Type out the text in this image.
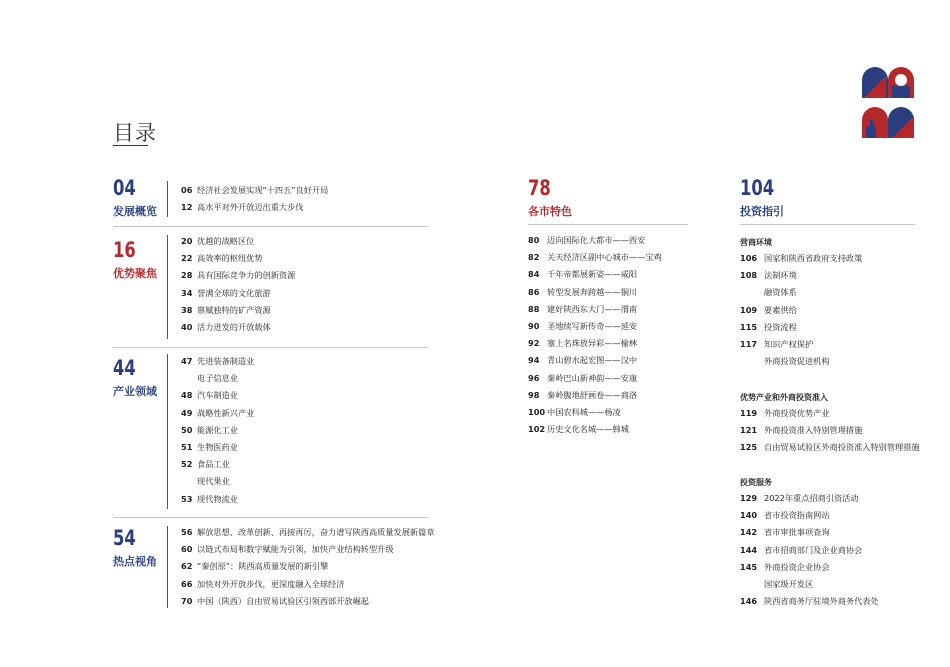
目录
04
发展概览
06 经济社会发展实现“十四五”良好开局
12 高水平对外开放迈出重大步伐
16
优势聚焦
20 优越的战略区位
22 高效率的枢纽优势
28 具有国际竞争力的创新资源
34 誉满全球的文化旅游
38 禀赋独特的矿产资源
40 活力迸发的开放载体
44
产业领域
47 先进装备制造业
电子信息业
48 汽车制造业
49 战略性新兴产业
50 能源化工业
51 生物医药业
52 食品工业
现代果业
53 现代物流业
54
热点视角
56 解放思想、改革创新、再接再厉，奋力谱写陕西高质量发展新篇章
60 以链式布局和数字赋能为引领，加快产业结构转型升级
62 “秦创原”：陕西高质量发展的新引擎
66 加快对外开放步伐，更深度融入全球经济
70 中国（陕西）自由贸易试验区引领西部开放崛起
78
各市特色
80 迈向国际化大都市——西安
82 关天经济区副中心城市——宝鸡
84 千年帝都展新姿——咸阳
86 转型发展奔跨越——铜川
88 建好陕西东大门——渭南
90 圣地续写新传奇——延安
92 塞上名珠放异彩——榆林
94 青山碧水起宏图——汉中
96 秦岭巴山新神韵——安康
98 秦岭腹地舒画卷——商洛
100 中国农科城——杨凌
102 历史文化名城——韩城
104
投资指引
营商环境
106 国家和陕西省政府支持政策
108 法制环境
融资体系
109 要素供给
115 投资流程
117 知识产权保护
外商投资促进机构
优势产业和外商投资准入
119 外商投资优势产业
121 外商投资准入特别管理措施
125 自由贸易试验区外商投资准入特别管理措施
投资服务
129 2022年重点招商引资活动
140 省市投资指南网站
142 省市审批事项查询
144 省市招商部门及企业商协会
145 外商投资企业协会
国家级开发区
146 陕西省商务厅驻境外商务代表处
